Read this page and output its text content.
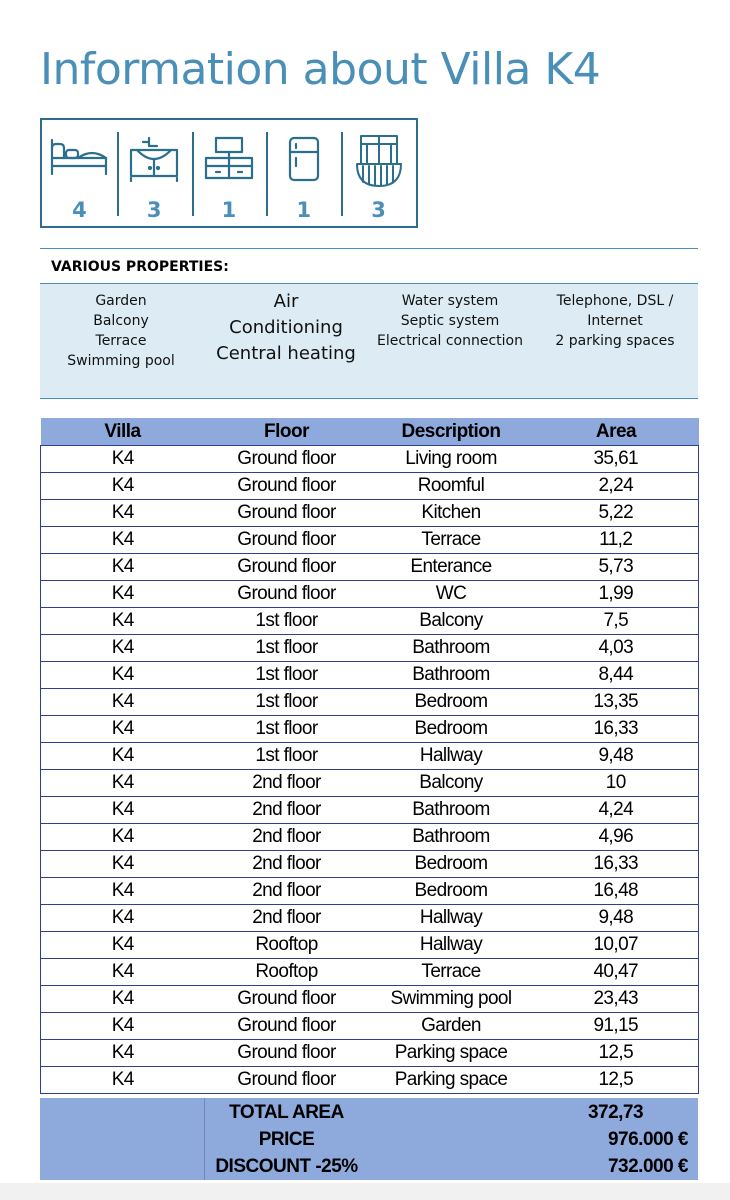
Information about Villa K4
4	3	1	1	3
VARIOUS PROPERTIES:
Garden
Balcony
Terrace
Swimming pool
Air
Conditioning
Central heating
Water system
Septic system
Electrical connection
Telephone, DSL /
Internet
2 parking spaces
Villa	Floor	Description	Area
K4	Ground floor	Living room	35,61
K4	Ground floor	Roomful	2,24
K4	Ground floor	Kitchen	5,22
K4	Ground floor	Terrace	11,2
K4	Ground floor	Enterance	5,73
K4	Ground floor	WC	1,99
K4	1st floor	Balcony	7,5
K4	1st floor	Bathroom	4,03
K4	1st floor	Bathroom	8,44
K4	1st floor	Bedroom	13,35
K4	1st floor	Bedroom	16,33
K4	1st floor	Hallway	9,48
K4	2nd floor	Balcony	10
K4	2nd floor	Bathroom	4,24
K4	2nd floor	Bathroom	4,96
K4	2nd floor	Bedroom	16,33
K4	2nd floor	Bedroom	16,48
K4	2nd floor	Hallway	9,48
K4	Rooftop	Hallway	10,07
K4	Rooftop	Terrace	40,47
K4	Ground floor	Swimming pool	23,43
K4	Ground floor	Garden	91,15
K4	Ground floor	Parking space	12,5
K4	Ground floor	Parking space	12,5
TOTAL AREA	372,73
PRICE	976.000 €
DISCOUNT -25%	732.000 €
